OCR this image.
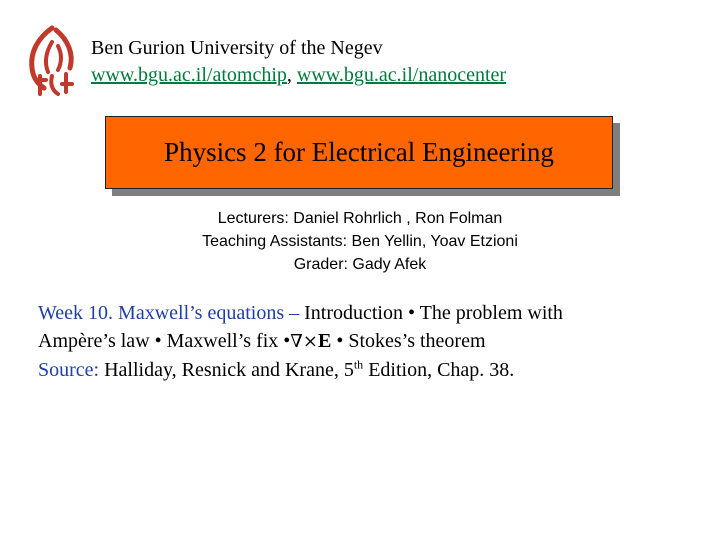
Ben Gurion University of the Negev
www.bgu.ac.il/atomchip, www.bgu.ac.il/nanocenter
Physics 2 for Electrical Engineering
Lecturers: Daniel Rohrlich , Ron Folman
Teaching Assistants: Ben Yellin, Yoav Etzioni
Grader: Gady Afek
Week 10. Maxwell’s equations – Introduction • The problem with
Ampère’s law • Maxwell’s fix •∇×E • Stokes’s theorem
Source: Halliday, Resnick and Krane, 5th Edition, Chap. 38.
